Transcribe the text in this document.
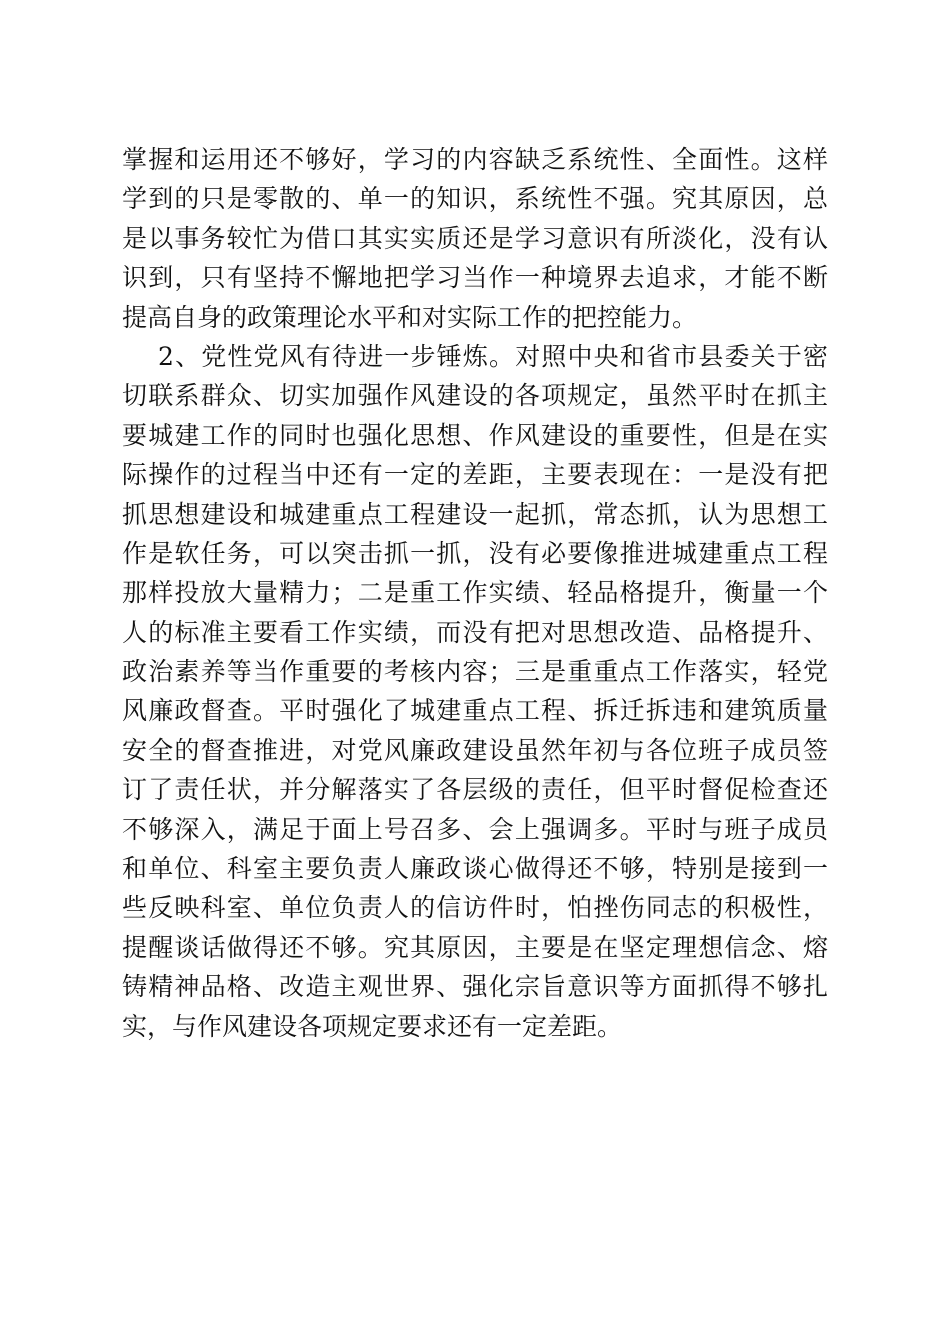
掌握和运用还不够好，学习的内容缺乏系统性、全面性。这样
学到的只是零散的、单一的知识，系统性不强。究其原因，总
是以事务较忙为借口其实实质还是学习意识有所淡化，没有认
识到，只有坚持不懈地把学习当作一种境界去追求，才能不断
提高自身的政策理论水平和对实际工作的把控能力。
2、党性党风有待进一步锤炼。对照中央和省市县委关于密
切联系群众、切实加强作风建设的各项规定，虽然平时在抓主
要城建工作的同时也强化思想、作风建设的重要性，但是在实
际操作的过程当中还有一定的差距，主要表现在：一是没有把
抓思想建设和城建重点工程建设一起抓，常态抓，认为思想工
作是软任务，可以突击抓一抓，没有必要像推进城建重点工程
那样投放大量精力；二是重工作实绩、轻品格提升，衡量一个
人的标准主要看工作实绩，而没有把对思想改造、品格提升、
政治素养等当作重要的考核内容；三是重重点工作落实，轻党
风廉政督查。平时强化了城建重点工程、拆迁拆违和建筑质量
安全的督查推进，对党风廉政建设虽然年初与各位班子成员签
订了责任状，并分解落实了各层级的责任，但平时督促检查还
不够深入，满足于面上号召多、会上强调多。平时与班子成员
和单位、科室主要负责人廉政谈心做得还不够，特别是接到一
些反映科室、单位负责人的信访件时，怕挫伤同志的积极性，
提醒谈话做得还不够。究其原因，主要是在坚定理想信念、熔
铸精神品格、改造主观世界、强化宗旨意识等方面抓得不够扎
实，与作风建设各项规定要求还有一定差距。
